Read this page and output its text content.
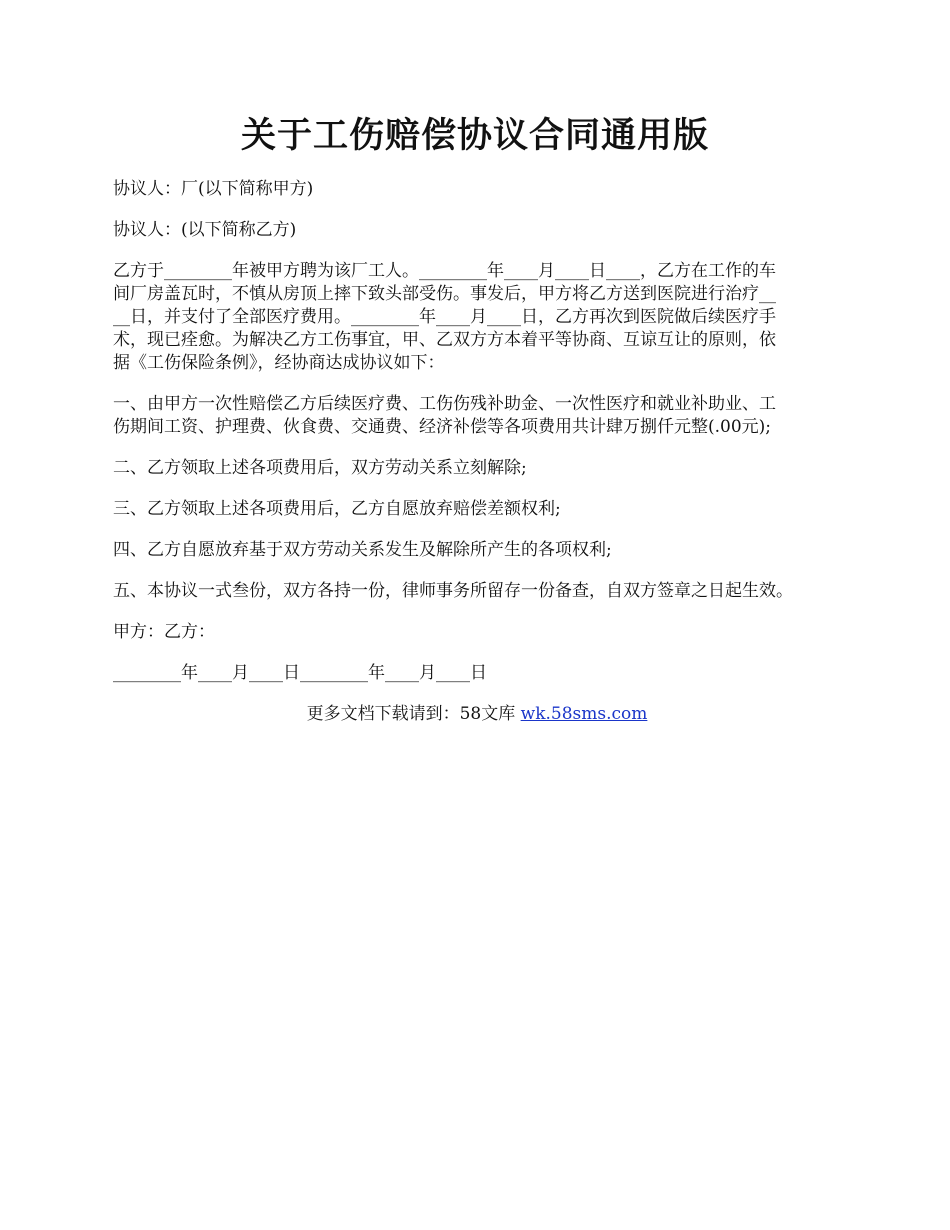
关于工伤赔偿协议合同通用版

协议人：厂(以下简称甲方)

协议人：(以下简称乙方)

乙方于________年被甲方聘为该厂工人。________年____月____日____，乙方在工作的车
间厂房盖瓦时，不慎从房顶上摔下致头部受伤。事发后，甲方将乙方送到医院进行治疗__
__日，并支付了全部医疗费用。________年____月____日，乙方再次到医院做后续医疗手
术，现已痊愈。为解决乙方工伤事宜，甲、乙双方方本着平等协商、互谅互让的原则，依
据《工伤保险条例》，经协商达成协议如下：

一、由甲方一次性赔偿乙方后续医疗费、工伤伤残补助金、一次性医疗和就业补助业、工
伤期间工资、护理费、伙食费、交通费、经济补偿等各项费用共计肆万捌仟元整(.00元);

二、乙方领取上述各项费用后，双方劳动关系立刻解除;

三、乙方领取上述各项费用后，乙方自愿放弃赔偿差额权利;

四、乙方自愿放弃基于双方劳动关系发生及解除所产生的各项权利;

五、本协议一式叁份，双方各持一份，律师事务所留存一份备查，自双方签章之日起生效。

甲方：乙方：

________年____月____日________年____月____日

更多文档下载请到：58文库 wk.58sms.com
